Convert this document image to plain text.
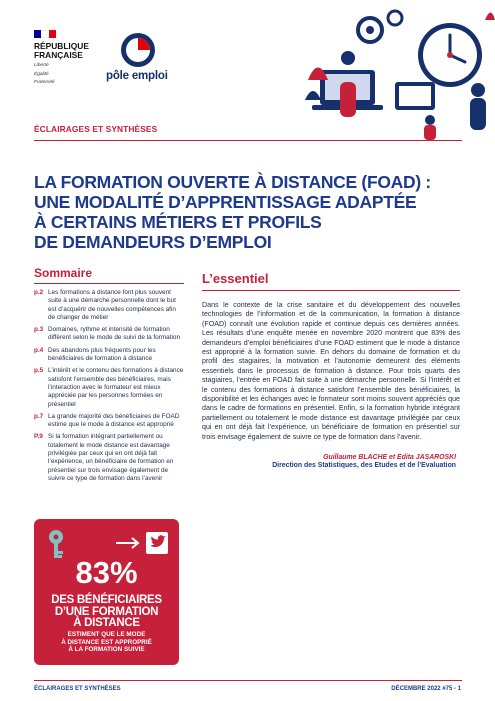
RÉPUBLIQUE
FRANÇAISE
Liberté
Égalité
Fraternité
pôle emploi
ÉCLAIRAGES ET SYNTHÈSES
LA FORMATION OUVERTE À DISTANCE (FOAD) :
UNE MODALITÉ D’APPRENTISSAGE ADAPTÉE
À CERTAINS MÉTIERS ET PROFILS
DE DEMANDEURS D’EMPLOI
Sommaire
p.2 Les formations à distance font plus souvent suite à une démarche personnelle dont le but est d’acquérir de nouvelles compétences afin de changer de métier
p.3 Domaines, rythme et intensité de formation diffèrent selon le mode de suivi de la formation
p.4 Des abandons plus fréquents pour les bénéficiaires de formation à distance
p.5 L’intérêt et le contenu des formations à distance satisfont l’ensemble des bénéficiaires, mais l’interaction avec le formateur est mieux appréciée par les personnes formées en présentiel
p.7 La grande majorité des bénéficiaires de FOAD estime que le mode à distance est approprié
P.9 Si la formation intégrant partiellement ou totalement le mode distance est davantage privilégiée par ceux qui en ont déjà fait l’expérience, un bénéficiaire de formation en présentiel sur trois envisage également de suivre ce type de formation dans l’avenir
L’essentiel

Dans le contexte de la crise sanitaire et du développement des nouvelles technologies de l’information et de la communication, la formation à distance (FOAD) connaît une évolution rapide et continue depuis ces dernières années. Les résultats d’une enquête menée en novembre 2020 montrent que 83% des demandeurs d’emploi bénéficiaires d’une FOAD estiment que le mode à distance est approprié à la formation suivie. En dehors du domaine de formation et du profil des stagiaires, la motivation et l’autonomie demeurent des éléments essentiels dans le processus de formation à distance. Pour trois quarts des stagiaires, l’entrée en FOAD fait suite à une démarche personnelle. Si l’intérêt et le contenu des formations à distance satisfont l’ensemble des bénéficiaires, la disponibilité et les échanges avec le formateur sont moins souvent appréciés que dans le cadre de formations en présentiel. Enfin, si la formation hybride intégrant partiellement ou totalement le mode distance est davantage privilégiée par ceux qui en ont déjà fait l’expérience, un bénéficiaire de formation en présentiel sur trois envisage également de suivre ce type de formation dans l’avenir.

Guillaume BLACHE et Edita JASAROSKI
Direction des Statistiques, des Etudes et de l’Evaluation
83%
DES BÉNÉFICIAIRES
D’UNE FORMATION
À DISTANCE
ESTIMENT QUE LE MODE
À DISTANCE EST APPROPRIÉ
À LA FORMATION SUIVIE
ÉCLAIRAGES ET SYNTHÈSES	DÉCEMBRE 2022 #75 - 1
